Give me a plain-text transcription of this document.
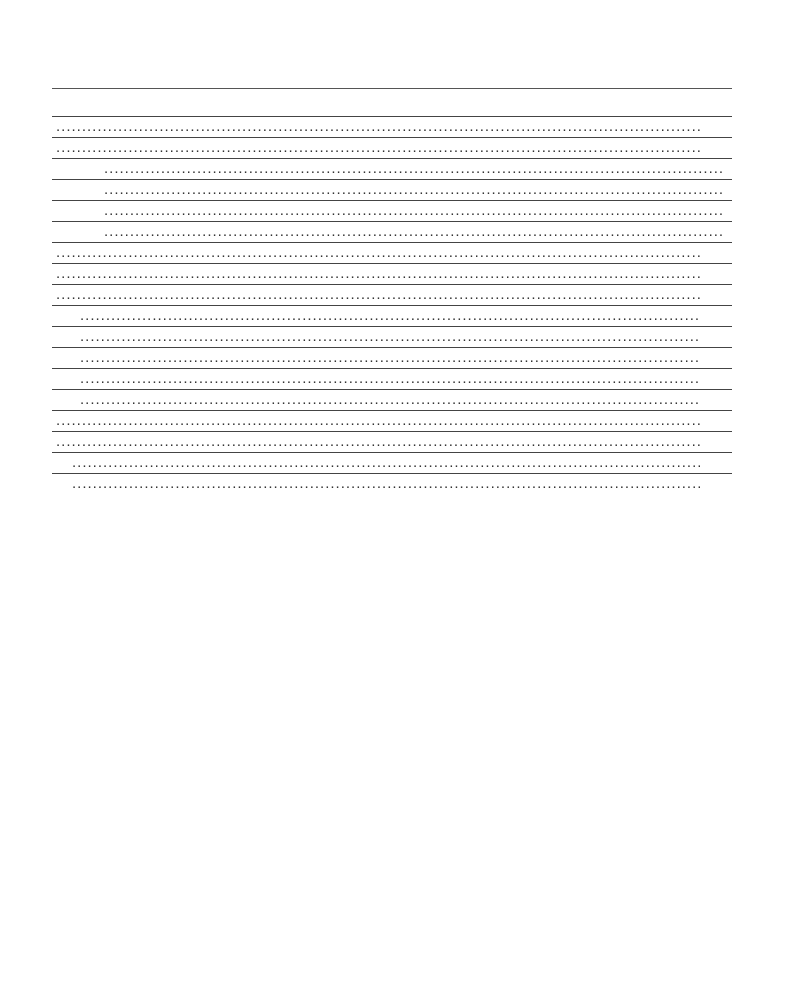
.....
.....
.....
.....
.....
.....
.....
.....
.....
.....
.....
.....
.....
.....
.....
.....
.....
.....
